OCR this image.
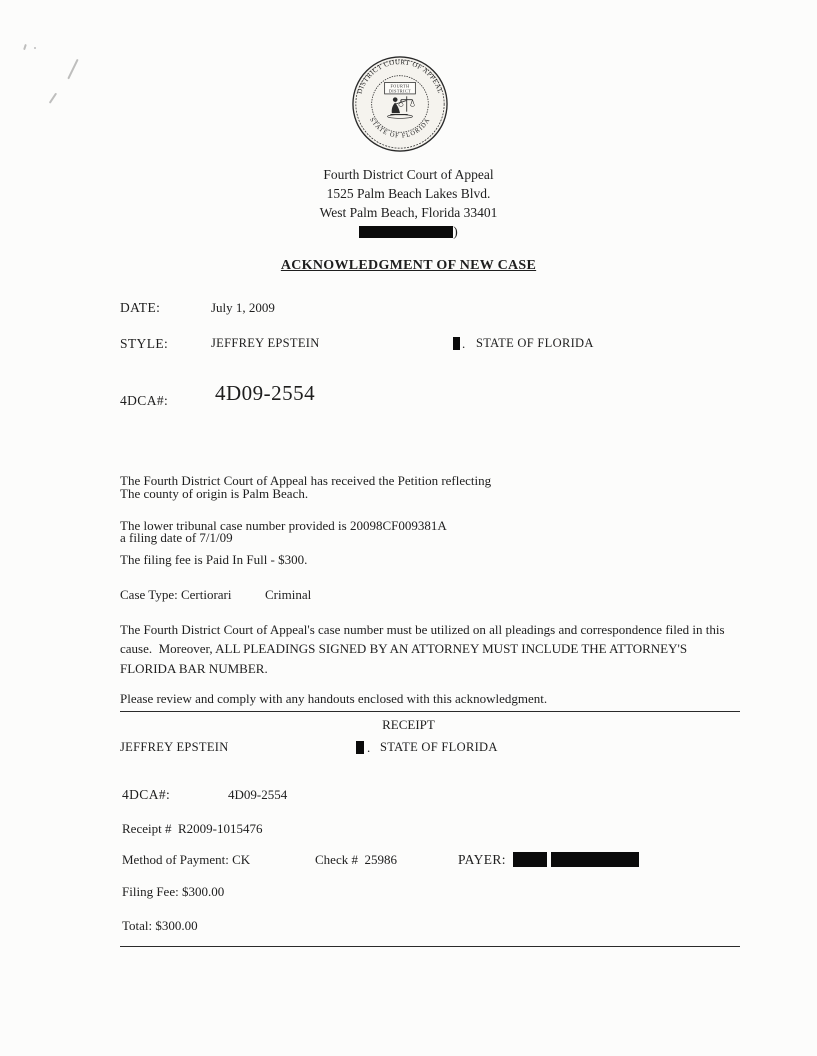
DISTRICT COURT OF APPEAL
STATE OF FLORIDA
FOURTH
DISTRICT
Fourth District Court of Appeal
1525 Palm Beach Lakes Blvd.
West Palm Beach, Florida 33401
)
ACKNOWLEDGMENT OF NEW CASE
DATE:	July 1, 2009
STYLE:	JEFFREY EPSTEIN	. STATE OF FLORIDA
4DCA#: 4D09-2554

The Fourth District Court of Appeal has received the Petition reflecting

a filing date of 7/1/09

The county of origin is Palm Beach.
The lower tribunal case number provided is 20098CF009381A
The filing fee is Paid In Full - $300.
Case Type: Certiorari	Criminal
The Fourth District Court of Appeal's case number must be utilized on all pleadings and correspondence filed in this cause.  Moreover, ALL PLEADINGS SIGNED BY AN ATTORNEY MUST INCLUDE THE ATTORNEY'S FLORIDA BAR NUMBER.
Please review and comply with any handouts enclosed with this acknowledgment.
RECEIPT
JEFFREY EPSTEIN	. STATE OF FLORIDA
4DCA#:	4D09-2554
Receipt #  R2009-1015476
Method of Payment: CK	Check #  25986	PAYER:
Filing Fee: $300.00
Total: $300.00
